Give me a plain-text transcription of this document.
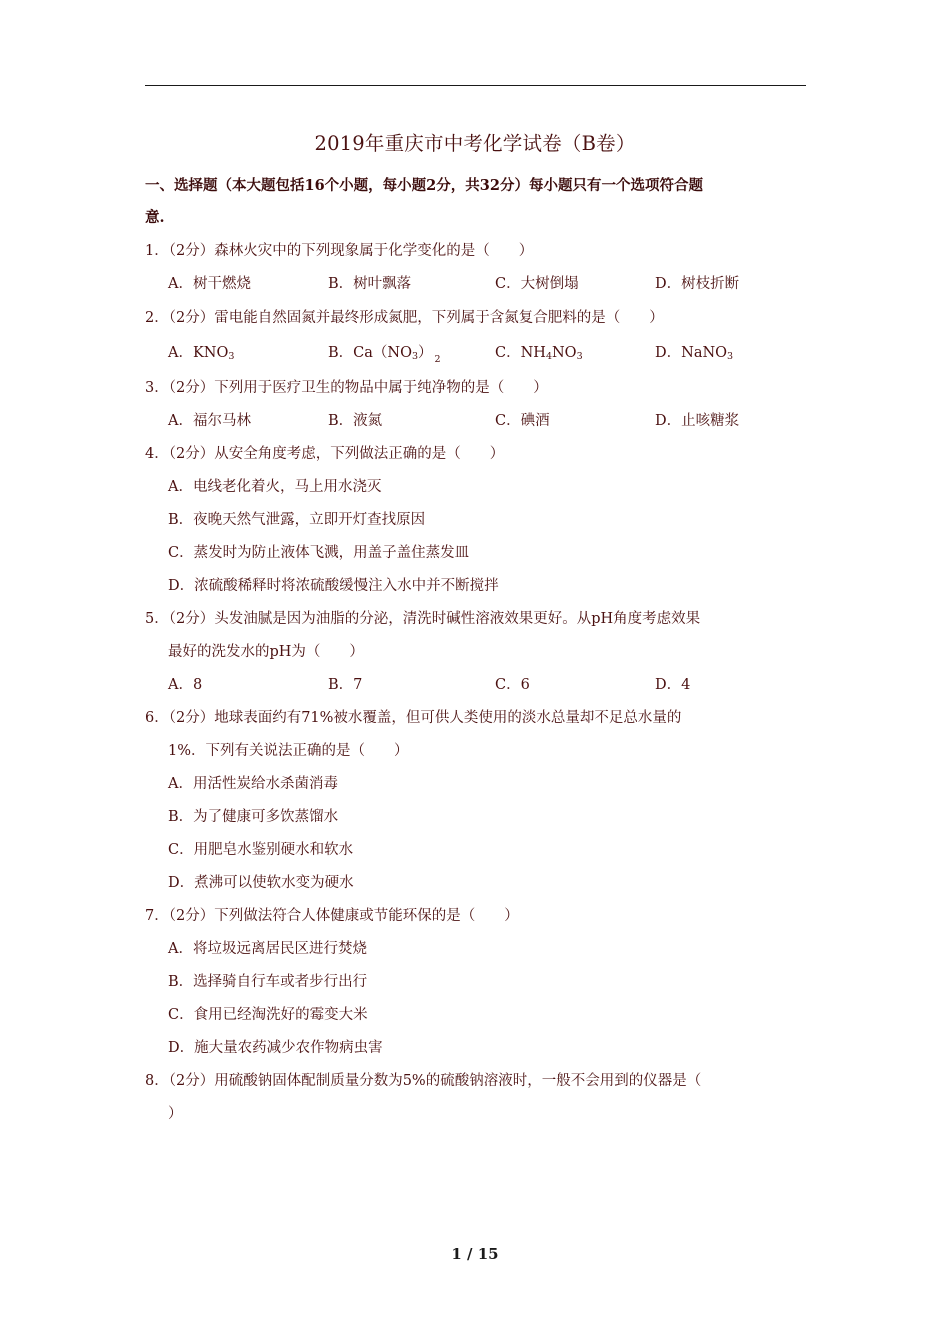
2019年重庆市中考化学试卷（B卷）
一、选择题（本大题包括16个小题，每小题2分，共32分）每小题只有一个选项符合题
意.
1．（2分）森林火灾中的下列现象属于化学变化的是（　　）
A．树干燃烧	B．树叶飘落	C．大树倒塌	D．树枝折断
2．（2分）雷电能自然固氮并最终形成氮肥，下列属于含氮复合肥料的是（　　）
A．$KNO_3$	B．$Ca(NO_3)$ $_2$	C．$NH_4NO_3$	D．NaNO$_3$
3．（2分）下列用于医疗卫生的物品中属于纯净物的是（　　）
A．福尔马林	B．液氮	C．碘酒	D．止咳糖浆
4．（2分）从安全角度考虑，下列做法正确的是（　　）
A．电线老化着火，马上用水浇灭
B．夜晚天然气泄露，立即开灯查找原因
C．蒸发时为防止液体飞溅，用盖子盖住蒸发皿
D．浓硫酸稀释时将浓硫酸缓慢注入水中并不断搅拌
5．（2分）头发油腻是因为油脂的分泌，清洗时碱性溶液效果更好。从pH角度考虑效果
最好的洗发水的pH为（　　）
A．8	B．7	C．6	D．4
6．（2分）地球表面约有71%被水覆盖，但可供人类使用的淡水总量却不足总水量的
1%．下列有关说法正确的是（　　）
A．用活性炭给水杀菌消毒
B．为了健康可多饮蒸馏水
C．用肥皂水鉴别硬水和软水
D．煮沸可以使软水变为硬水
7．（2分）下列做法符合人体健康或节能环保的是（　　）
A．将垃圾远离居民区进行焚烧
B．选择骑自行车或者步行出行
C．食用已经淘洗好的霉变大米
D．施大量农药减少农作物病虫害
8．（2分）用硫酸钠固体配制质量分数为5%的硫酸钠溶液时，一般不会用到的仪器是（
）
1 / 15
